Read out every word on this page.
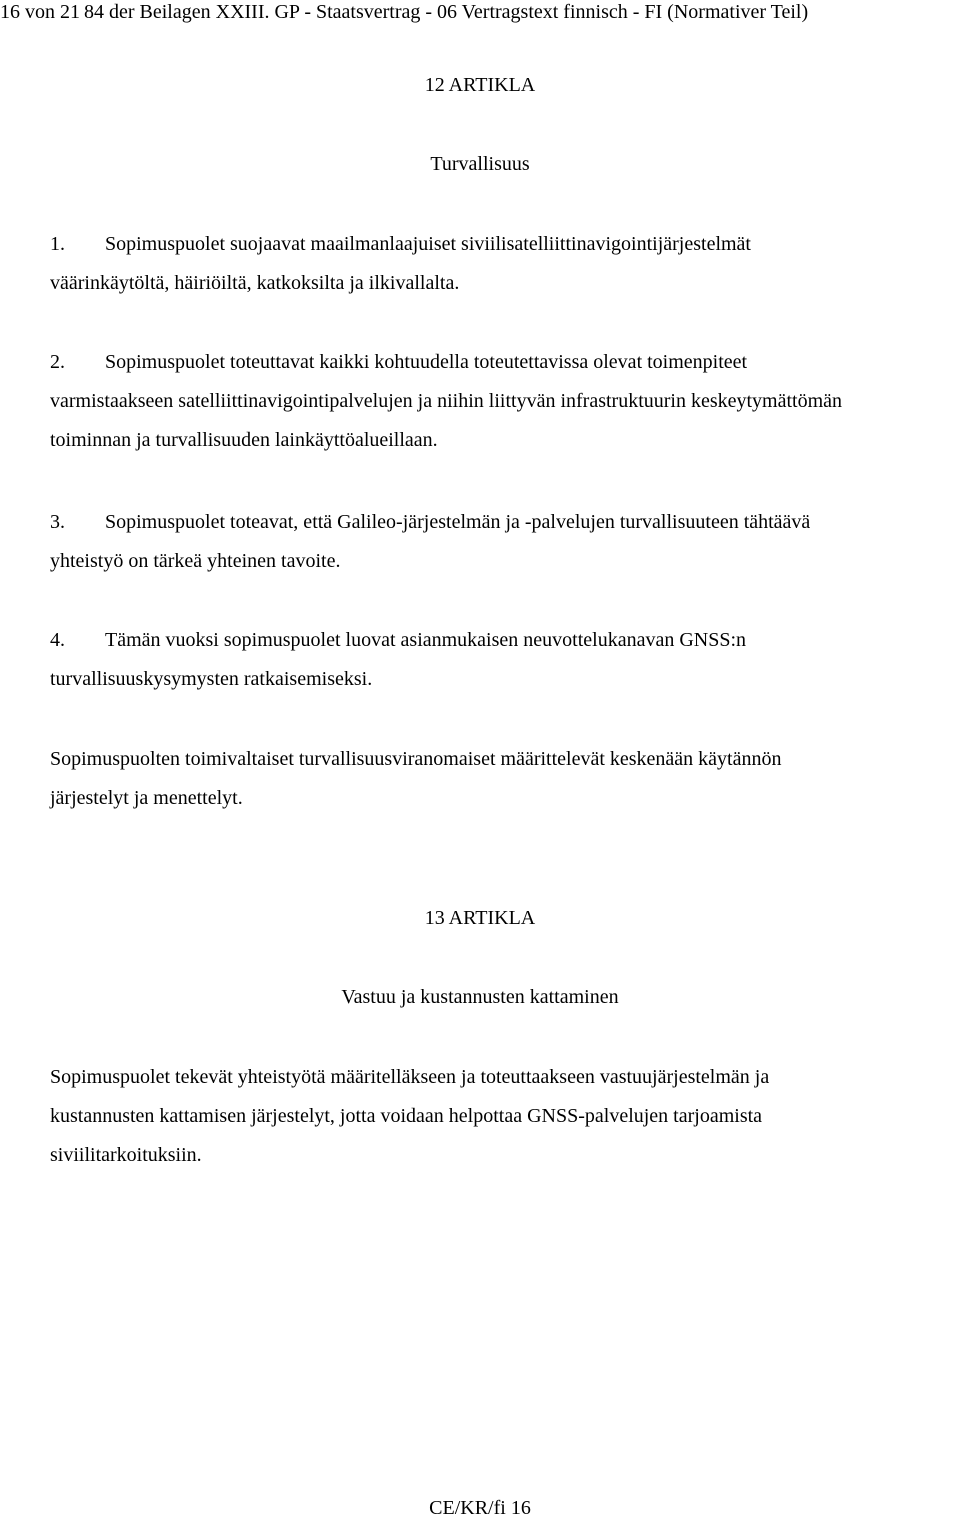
16 von 21 84 der Beilagen XXIII. GP - Staatsvertrag - 06 Vertragstext finnisch - FI (Normativer Teil)
12 ARTIKLA
Turvallisuus
1. Sopimuspuolet suojaavat maailmanlaajuiset siviilisatelliittinavigointijärjestelmät
väärinkäytöltä, häiriöiltä, katkoksilta ja ilkivallalta.
2. Sopimuspuolet toteuttavat kaikki kohtuudella toteutettavissa olevat toimenpiteet
varmistaakseen satelliittinavigointipalvelujen ja niihin liittyvän infrastruktuurin keskeytymättömän
toiminnan ja turvallisuuden lainkäyttöalueillaan.
3. Sopimuspuolet toteavat, että Galileo-järjestelmän ja -palvelujen turvallisuuteen tähtäävä
yhteistyö on tärkeä yhteinen tavoite.
4. Tämän vuoksi sopimuspuolet luovat asianmukaisen neuvottelukanavan GNSS:n
turvallisuuskysymysten ratkaisemiseksi.
Sopimuspuolten toimivaltaiset turvallisuusviranomaiset määrittelevät keskenään käytännön
järjestelyt ja menettelyt.
13 ARTIKLA
Vastuu ja kustannusten kattaminen
Sopimuspuolet tekevät yhteistyötä määritelläkseen ja toteuttaakseen vastuujärjestelmän ja
kustannusten kattamisen järjestelyt, jotta voidaan helpottaa GNSS-palvelujen tarjoamista
siviilitarkoituksiin.
CE/KR/fi 16
